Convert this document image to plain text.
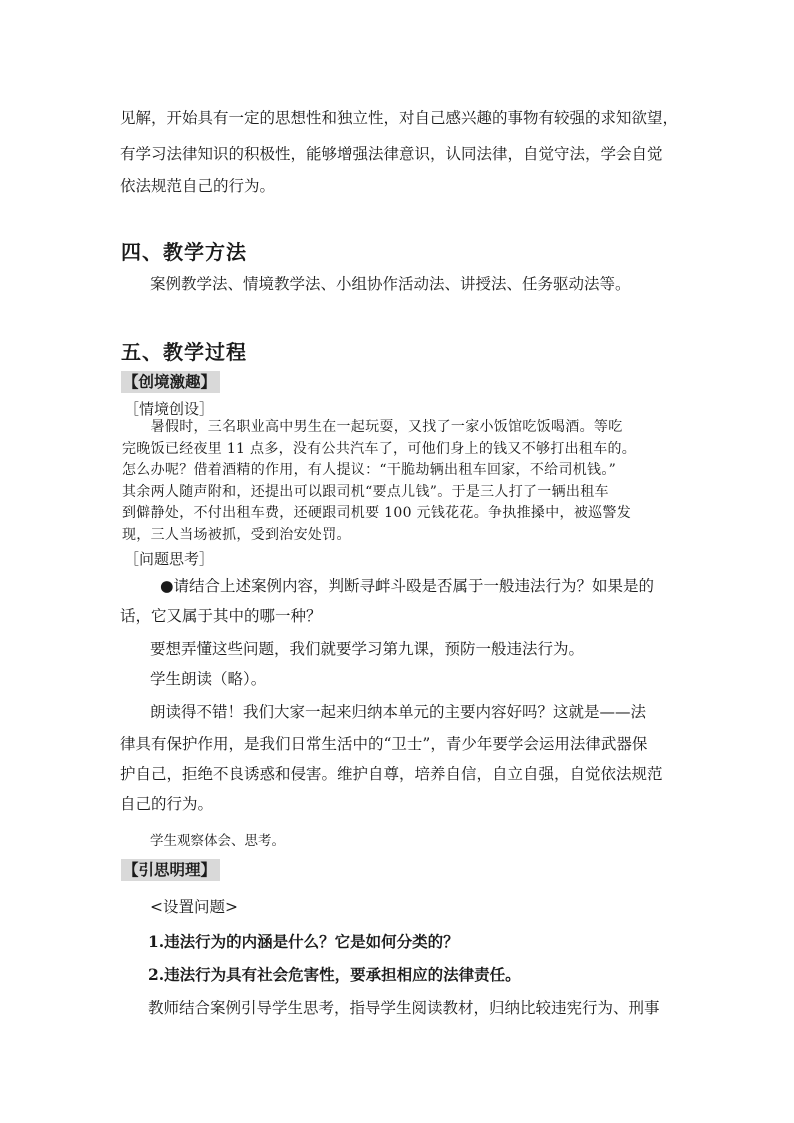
见解，开始具有一定的思想性和独立性，对自己感兴趣的事物有较强的求知欲望，
有学习法律知识的积极性，能够增强法律意识，认同法律，自觉守法，学会自觉
依法规范自己的行为。
四、教学方法
案例教学法、情境教学法、小组协作活动法、讲授法、任务驱动法等。
五、教学过程
【创境激趣】
［情境创设］
　　暑假时，三名职业高中男生在一起玩耍，又找了一家小饭馆吃饭喝酒。等吃
完晚饭已经夜里 11 点多，没有公共汽车了，可他们身上的钱又不够打出租车的。
怎么办呢？借着酒精的作用，有人提议：“干脆劫辆出租车回家，不给司机钱。”
其余两人随声附和，还提出可以跟司机“要点儿钱”。于是三人打了一辆出租车
到僻静处，不付出租车费，还硬跟司机要 100 元钱花花。争执推搡中，被巡警发
现，三人当场被抓，受到治安处罚。
［问题思考］
●请结合上述案例内容，判断寻衅斗殴是否属于一般违法行为？如果是的
话，它又属于其中的哪一种？
要想弄懂这些问题，我们就要学习第九课，预防一般违法行为。
学生朗读（略）。
朗读得不错！我们大家一起来归纳本单元的主要内容好吗？这就是——法
律具有保护作用，是我们日常生活中的“卫士”，青少年要学会运用法律武器保
护自己，拒绝不良诱惑和侵害。维护自尊，培养自信，自立自强，自觉依法规范
自己的行为。
学生观察体会、思考。
【引思明理】
<设置问题>
1.违法行为的内涵是什么？它是如何分类的？
2.违法行为具有社会危害性，要承担相应的法律责任。
教师结合案例引导学生思考，指导学生阅读教材，归纳比较违宪行为、刑事
